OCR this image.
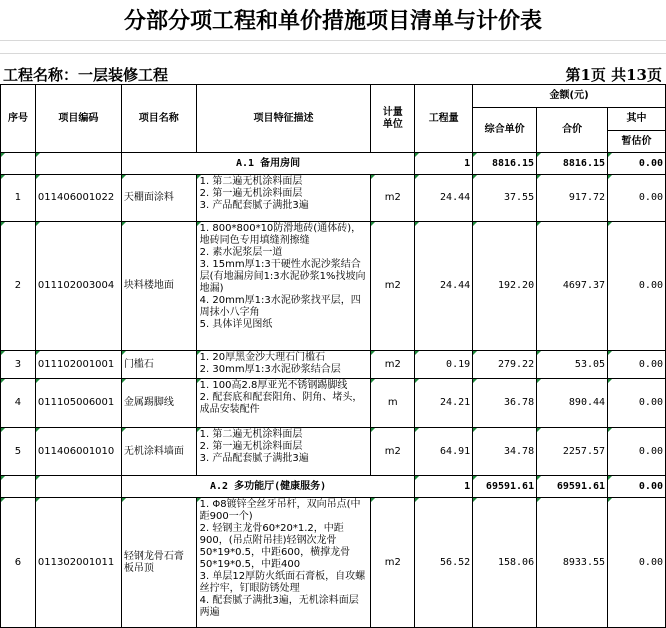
分部分项工程和单价措施项目清单与计价表
工程名称：一层装修工程	第1页 共13页
序号	项目编码	项目名称	项目特征描述	计量单位	工程量	金额(元)		
						综合单价	合价	其中
								暂估价
		A.1 备用房间			1	8816.15	8816.15	0.00
1	011406001022	天棚面涂料	1. 第二遍无机涂料面层
2. 第一遍无机涂料面层
3. 产品配套腻子满批3遍	m2	24.44	37.55	917.72	0.00
2	011102003004	块料楼地面	1. 800*800*10防滑地砖(通体砖)，地砖同色专用填缝剂擦缝
2. 素水泥浆层一道
3. 15mm厚1:3干硬性水泥沙浆结合层(有地漏房间1:3水泥砂浆1%找坡向地漏)
4. 20mm厚1:3水泥砂浆找平层，四周抹小八字角
5. 具体详见图纸	m2	24.44	192.20	4697.37	0.00
3	011102001001	门槛石	1. 20厚黑金沙大理石门槛石
2. 30mm厚1:3水泥砂浆结合层	m2	0.19	279.22	53.05	0.00
4	011105006001	金属踢脚线	1. 100高2.8厚亚光不锈钢踢脚线
2. 配套底和配套阳角、阴角、堵头，成品安装配件	m	24.21	36.78	890.44	0.00
5	011406001010	无机涂料墙面	1. 第二遍无机涂料面层
2. 第一遍无机涂料面层
3. 产品配套腻子满批3遍	m2	64.91	34.78	2257.57	0.00
		A.2 多功能厅(健康服务)			1	69591.61	69591.61	0.00
6	011302001011	轻钢龙骨石膏板吊顶	1. Φ8镀锌全丝牙吊杆，双向吊点(中距900一个)
2. 轻钢主龙骨60*20*1.2，中距900，(吊点附吊挂)轻钢次龙骨50*19*0.5，中距600，横撑龙骨50*19*0.5，中距400
3. 单层12厚防火纸面石膏板，自攻螺丝拧牢，钉眼防锈处理
4. 配套腻子满批3遍，无机涂料面层两遍	m2	56.52	158.06	8933.55	0.00
